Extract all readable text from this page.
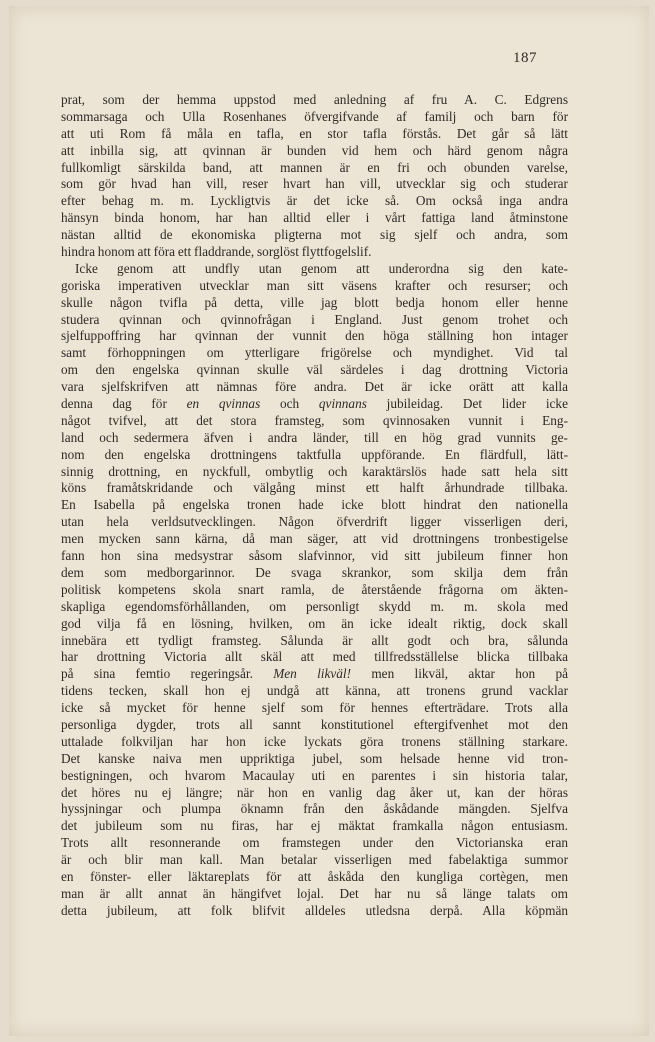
187
prat, som der hemma uppstod med anledning af fru A. C. Edgrens
sommarsaga och Ulla Rosenhanes öfvergifvande af familj och barn för
att uti Rom få måla en tafla, en stor tafla förstås. Det går så lätt
att inbilla sig, att qvinnan är bunden vid hem och härd genom några
fullkomligt särskilda band, att mannen är en fri och obunden varelse,
som gör hvad han vill, reser hvart han vill, utvecklar sig och studerar
efter behag m. m. Lyckligtvis är det icke så. Om också inga andra
hänsyn binda honom, har han alltid eller i vårt fattiga land åtminstone
nästan alltid de ekonomiska pligterna mot sig sjelf och andra, som
hindra honom att föra ett fladdrande, sorglöst flyttfogelslif.
Icke genom att undfly utan genom att underordna sig den kate-
goriska imperativen utvecklar man sitt väsens krafter och resurser; och
skulle någon tvifla på detta, ville jag blott bedja honom eller henne
studera qvinnan och qvinnofrågan i England. Just genom trohet och
sjelfuppoffring har qvinnan der vunnit den höga ställning hon intager
samt förhoppningen om ytterligare frigörelse och myndighet. Vid tal
om den engelska qvinnan skulle väl särdeles i dag drottning Victoria
vara sjelfskrifven att nämnas före andra. Det är icke orätt att kalla
denna dag för en qvinnas och qvinnans jubileidag. Det lider icke
något tvifvel, att det stora framsteg, som qvinnosaken vunnit i Eng-
land och sedermera äfven i andra länder, till en hög grad vunnits ge-
nom den engelska drottningens taktfulla uppförande. En flärdfull, lätt-
sinnig drottning, en nyckfull, ombytlig och karaktärslös hade satt hela sitt
köns framåtskridande och välgång minst ett halft århundrade tillbaka.
En Isabella på engelska tronen hade icke blott hindrat den nationella
utan hela verldsutvecklingen. Någon öfverdrift ligger visserligen deri,
men mycken sann kärna, då man säger, att vid drottningens tronbestigelse
fann hon sina medsystrar såsom slafvinnor, vid sitt jubileum finner hon
dem som medborgarinnor. De svaga skrankor, som skilja dem från
politisk kompetens skola snart ramla, de återstående frågorna om äkten-
skapliga egendomsförhållanden, om personligt skydd m. m. skola med
god vilja få en lösning, hvilken, om än icke idealt riktig, dock skall
innebära ett tydligt framsteg. Sålunda är allt godt och bra, sålunda
har drottning Victoria allt skäl att med tillfredsställelse blicka tillbaka
på sina femtio regeringsår. Men likväl! men likväl, aktar hon på
tidens tecken, skall hon ej undgå att känna, att tronens grund vacklar
icke så mycket för henne sjelf som för hennes efterträdare. Trots alla
personliga dygder, trots all sannt konstitutionel eftergifvenhet mot den
uttalade folkviljan har hon icke lyckats göra tronens ställning starkare.
Det kanske naiva men uppriktiga jubel, som helsade henne vid tron-
bestigningen, och hvarom Macaulay uti en parentes i sin historia talar,
det höres nu ej längre; när hon en vanlig dag åker ut, kan der höras
hyssjningar och plumpa öknamn från den åskådande mängden. Sjelfva
det jubileum som nu firas, har ej mäktat framkalla någon entusiasm.
Trots allt resonnerande om framstegen under den Victorianska eran
är och blir man kall. Man betalar visserligen med fabelaktiga summor
en fönster- eller läktareplats för att åskåda den kungliga cortègen, men
man är allt annat än hängifvet lojal. Det har nu så länge talats om
detta jubileum, att folk blifvit alldeles utledsna derpå. Alla köpmän
